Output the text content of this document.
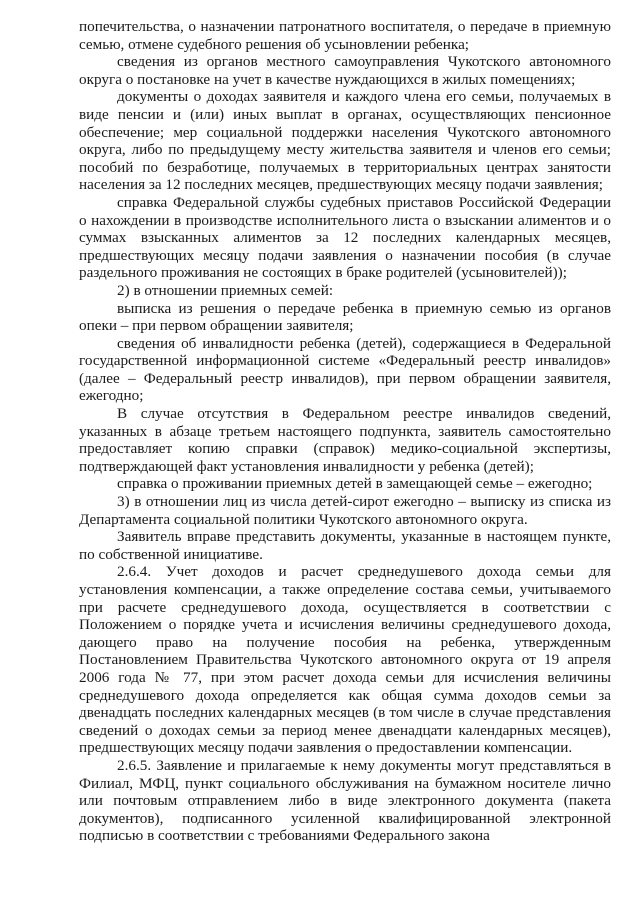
попечительства, о назначении патронатного воспитателя, о передаче в приемную семью, отмене судебного решения об усыновлении ребенка;

сведения из органов местного самоуправления Чукотского автономного округа о постановке на учет в качестве нуждающихся в жилых помещениях;

документы о доходах заявителя и каждого члена его семьи, получаемых в виде пенсии и (или) иных выплат в органах, осуществляющих пенсионное обеспечение; мер социальной поддержки населения Чукотского автономного округа, либо по предыдущему месту жительства заявителя и членов его семьи; пособий по безработице, получаемых в территориальных центрах занятости населения за 12 последних месяцев, предшествующих месяцу подачи заявления;

справка Федеральной службы судебных приставов Российской Федерации о нахождении в производстве исполнительного листа о взыскании алиментов и о суммах взысканных алиментов за 12 последних календарных месяцев, предшествующих месяцу подачи заявления о назначении пособия (в случае раздельного проживания не состоящих в браке родителей (усыновителей));

2) в отношении приемных семей:

выписка из решения о передаче ребенка в приемную семью из органов опеки – при первом обращении заявителя;

сведения об инвалидности ребенка (детей), содержащиеся в Федеральной государственной информационной системе «Федеральный реестр инвалидов» (далее – Федеральный реестр инвалидов), при первом обращении заявителя, ежегодно;

В случае отсутствия в Федеральном реестре инвалидов сведений, указанных в абзаце третьем настоящего подпункта, заявитель самостоятельно предоставляет копию справки (справок) медико-социальной экспертизы, подтверждающей факт установления инвалидности у ребенка (детей);

справка о проживании приемных детей в замещающей семье – ежегодно;

3) в отношении лиц из числа детей-сирот ежегодно – выписку из списка из Департамента социальной политики Чукотского автономного округа.

Заявитель вправе представить документы, указанные в настоящем пункте, по собственной инициативе.

2.6.4. Учет доходов и расчет среднедушевого дохода семьи для установления компенсации, а также определение состава семьи, учитываемого при расчете среднедушевого дохода, осуществляется в соответствии с Положением о порядке учета и исчисления величины среднедушевого дохода, дающего право на получение пособия на ребенка, утвержденным Постановлением Правительства Чукотского автономного округа от 19 апреля 2006 года № 77, при этом расчет дохода семьи для исчисления величины среднедушевого дохода определяется как общая сумма доходов семьи за двенадцать последних календарных месяцев (в том числе в случае представления сведений о доходах семьи за период менее двенадцати календарных месяцев), предшествующих месяцу подачи заявления о предоставлении компенсации.

2.6.5. Заявление и прилагаемые к нему документы могут представляться в Филиал, МФЦ, пункт социального обслуживания на бумажном носителе лично или почтовым отправлением либо в виде электронного документа (пакета документов), подписанного усиленной квалифицированной электронной подписью в соответствии с требованиями Федерального закона
